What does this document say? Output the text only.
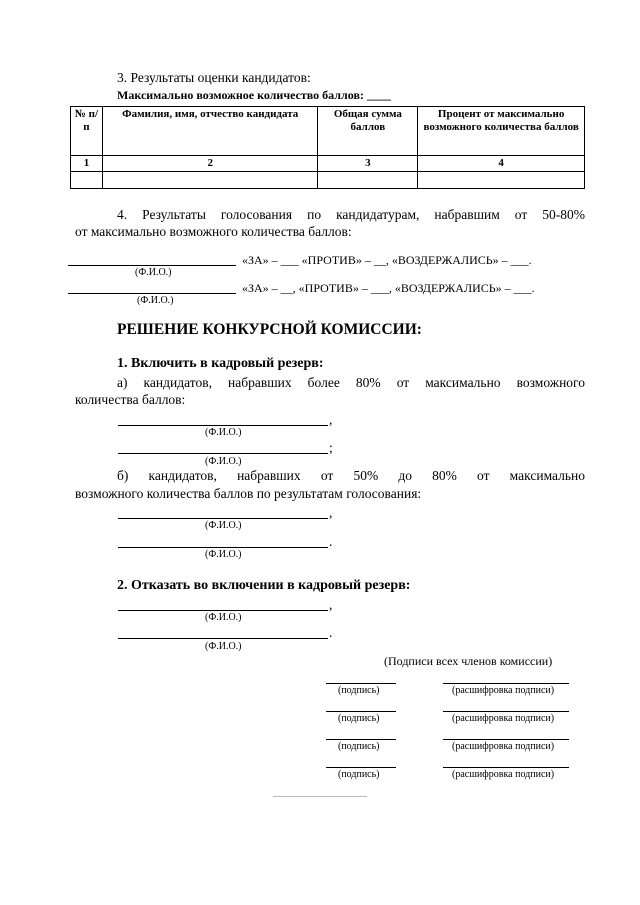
3. Результаты оценки кандидатов:
Максимально возможное количество баллов: ____
№ п/п	Фамилия, имя, отчество кандидата	Общая сумма баллов	Процент от максимально возможного количества баллов
1	2	3	4

4. Результаты голосования по кандидатурам, набравшим от 50-80%
от максимально возможного количества баллов:
«ЗА» – ___ «ПРОТИВ» – __, «ВОЗДЕРЖАЛИСЬ» – ___.
(Ф.И.О.)
«ЗА» – __, «ПРОТИВ» – ___, «ВОЗДЕРЖАЛИСЬ» – ___.
(Ф.И.О.)
РЕШЕНИЕ КОНКУРСНОЙ КОМИССИИ:
1. Включить в кадровый резерв:
а) кандидатов, набравших более 80% от максимально возможного
количества баллов:
,
(Ф.И.О.)
;
(Ф.И.О.)
б) кандидатов, набравших от 50% до 80% от максимально
возможного количества баллов по результатам голосования:
,
(Ф.И.О.)
.
(Ф.И.О.)
2. Отказать во включении в кадровый резерв:
,
(Ф.И.О.)
.
(Ф.И.О.)
(Подписи всех членов комиссии)
(подпись)	(расшифровка подписи)
(подпись)	(расшифровка подписи)
(подпись)	(расшифровка подписи)
(подпись)	(расшифровка подписи)
